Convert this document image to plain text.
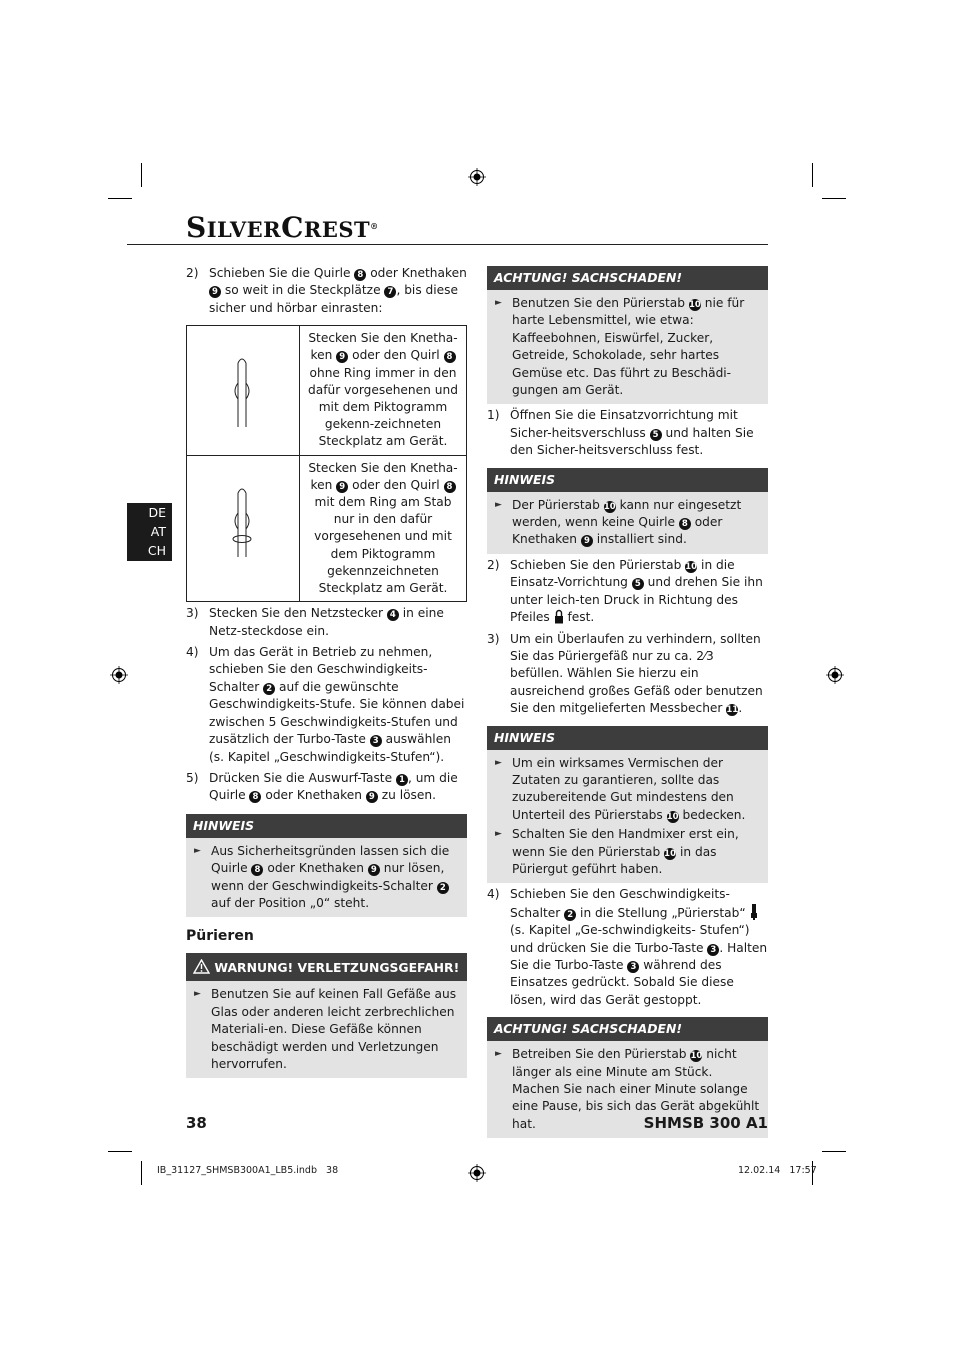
SILVERCREST®
DE
AT
CH
2) Schieben Sie die Quirle 8 oder Knethaken 9 so weit in die Steckplätze 7 , bis diese sicher und hörbar einrasten:
	Stecken Sie den Knetha-ken 9 oder den Quirl 8 ohne Ring immer in den dafür vorgesehenen und mit dem Piktogramm gekenn-zeichneten Steckplatz am Gerät.
	Stecken Sie den Knetha-ken 9 oder den Quirl 8 mit dem Ring am Stab nur in den dafür vorgesehenen und mit dem Piktogramm gekennzeichneten Steckplatz am Gerät.
3) Stecken Sie den Netzstecker 4 in eine Netz-steckdose ein.
4) Um das Gerät in Betrieb zu nehmen, schieben Sie den Geschwindigkeits-Schalter 2 auf die gewünschte Geschwindigkeits-Stufe. Sie können dabei zwischen 5 Geschwindigkeits-Stufen und zusätzlich der Turbo-Taste 3 auswählen (s. Kapitel „Geschwindigkeits-Stufen“).
5) Drücken Sie die Auswurf-Taste 1 , um die Quirle 8 oder Knethaken 9 zu lösen.
HINWEIS
► Aus Sicherheitsgründen lassen sich die Quirle 8 oder Knethaken 9 nur lösen, wenn der Geschwindigkeits-Schalter 2 auf der Position „0“ steht.
Pürieren
WARNUNG! VERLETZUNGSGEFAHR!
► Benutzen Sie auf keinen Fall Gefäße aus Glas oder anderen leicht zerbrechlichen Materiali-en. Diese Gefäße können beschädigt werden und Verletzungen hervorrufen.
ACHTUNG! SACHSCHADEN!
► Benutzen Sie den Pürierstab 10 nie für harte Lebensmittel, wie etwa: Kaffeebohnen, Eiswürfel, Zucker, Getreide, Schokolade, sehr hartes Gemüse etc. Das führt zu Beschädi-gungen am Gerät.
1) Öffnen Sie die Einsatzvorrichtung mit Sicher-heitsverschluss 5 und halten Sie den Sicher-heitsverschluss fest.
HINWEIS
► Der Pürierstab 10 kann nur eingesetzt werden, wenn keine Quirle 8 oder Knethaken 9 installiert sind.
2) Schieben Sie den Pürierstab 10 in die Einsatz-Vorrichtung 5 und drehen Sie ihn unter leich-ten Druck in Richtung des Pfeiles  fest.
3) Um ein Überlaufen zu verhindern, sollten Sie das Püriergefäß nur zu ca. 2⁄3 befüllen. Wählen Sie hierzu ein ausreichend großes Gefäß oder benutzen Sie den mitgelieferten Messbecher 11.
HINWEIS
► Um ein wirksames Vermischen der Zutaten zu garantieren, sollte das zuzubereitende Gut mindestens den Unterteil des Pürierstabs 10 bedecken.
► Schalten Sie den Handmixer erst ein, wenn Sie den Pürierstab 10 in das Püriergut geführt haben.
4) Schieben Sie den Geschwindigkeits-Schalter 2 in die Stellung „Pürierstab“  (s. Kapitel „Ge-schwindigkeits- Stufen“) und drücken Sie die Turbo-Taste 3 . Halten Sie die Turbo-Taste 3 während des Einsatzes gedrückt. Sobald Sie diese lösen, wird das Gerät gestoppt.
ACHTUNG! SACHSCHADEN!
► Betreiben Sie den Pürierstab 10 nicht länger als eine Minute am Stück. Machen Sie nach einer Minute solange eine Pause, bis sich das Gerät abgekühlt hat.
38	SHMSB 300 A1
IB_31127_SHMSB300A1_LB5.indb   38	12.02.14   17:57
